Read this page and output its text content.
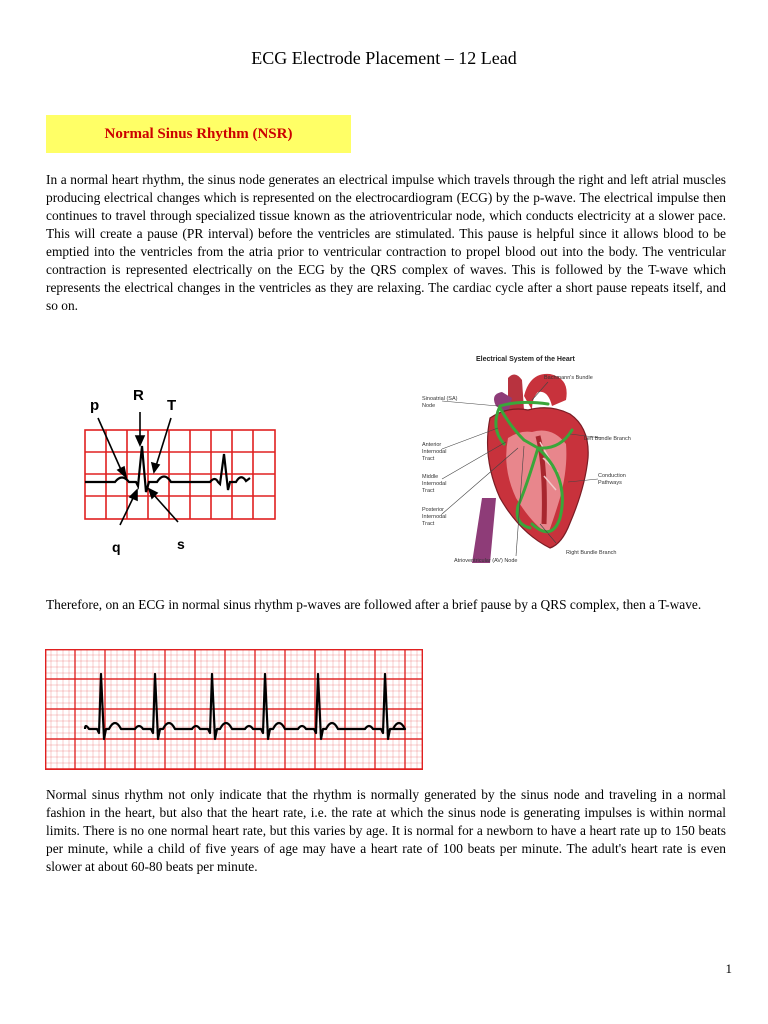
ECG Electrode Placement – 12 Lead
Normal Sinus Rhythm (NSR)
In a normal heart rhythm, the sinus node generates an electrical impulse which travels through the right and left atrial muscles producing electrical changes which is represented on the electrocardiogram (ECG) by the p-wave. The electrical impulse then continues to travel through specialized tissue known as the atrioventricular node, which conducts electricity at a slower pace. This will create a pause (PR interval) before the ventricles are stimulated. This pause is helpful since it allows blood to be emptied into the ventricles from the atria prior to ventricular contraction to propel blood out into the body. The ventricular contraction is represented electrically on the ECG by the QRS complex of waves. This is followed by the T-wave which represents the electrical changes in the ventricles as they are relaxing. The cardiac cycle after a short pause repeats itself, and so on.
p
R
T
q	s
Electrical System of the Heart
Sinoatrial (SA)
Node
Bachmann's Bundle
Anterior
Internodal
Tract
Left Bundle Branch
Middle
Internodal
Tract
Conduction
Pathways
Posterior
Internodal
Tract
Right Bundle Branch
Atrioventricular (AV) Node
Therefore, on an ECG in normal sinus rhythm p-waves are followed after a brief pause by a QRS complex, then a T-wave.
Normal sinus rhythm not only indicate that the rhythm is normally generated by the sinus node and traveling in a normal fashion in the heart, but also that the heart rate, i.e. the rate at which the sinus node is generating impulses is within normal limits. There is no one normal heart rate, but this varies by age. It is normal for a newborn to have a heart rate up to 150 beats per minute, while a child of five years of age may have a heart rate of 100 beats per minute. The adult's heart rate is even slower at about 60-80 beats per minute.
1
